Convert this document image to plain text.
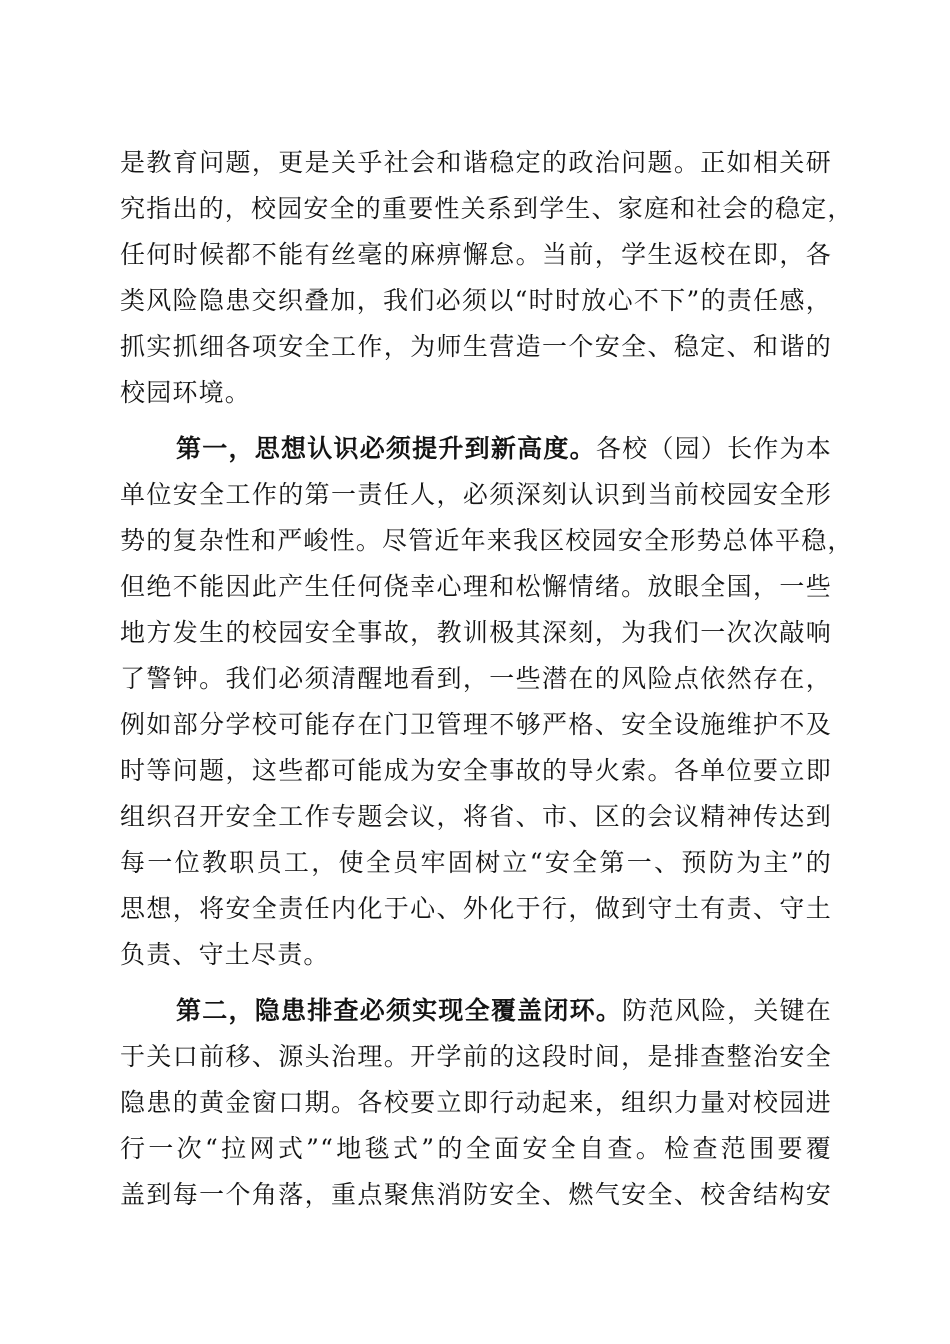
是教育问题，更是关乎社会和谐稳定的政治问题。正如相关研
究指出的，校园安全的重要性关系到学生、家庭和社会的稳定，
任何时候都不能有丝毫的麻痹懈怠。当前，学生返校在即，各
类风险隐患交织叠加，我们必须以“时时放心不下”的责任感，
抓实抓细各项安全工作，为师生营造一个安全、稳定、和谐的
校园环境。
第一，思想认识必须提升到新高度。各校（园）长作为本
单位安全工作的第一责任人，必须深刻认识到当前校园安全形
势的复杂性和严峻性。尽管近年来我区校园安全形势总体平稳，
但绝不能因此产生任何侥幸心理和松懈情绪。放眼全国，一些
地方发生的校园安全事故，教训极其深刻，为我们一次次敲响
了警钟。我们必须清醒地看到，一些潜在的风险点依然存在，
例如部分学校可能存在门卫管理不够严格、安全设施维护不及
时等问题，这些都可能成为安全事故的导火索。各单位要立即
组织召开安全工作专题会议，将省、市、区的会议精神传达到
每一位教职员工，使全员牢固树立“安全第一、预防为主”的
思想，将安全责任内化于心、外化于行，做到守土有责、守土
负责、守土尽责。
第二，隐患排查必须实现全覆盖闭环。防范风险，关键在
于关口前移、源头治理。开学前的这段时间，是排查整治安全
隐患的黄金窗口期。各校要立即行动起来，组织力量对校园进
行一次“拉网式”“地毯式”的全面安全自查。检查范围要覆
盖到每一个角落，重点聚焦消防安全、燃气安全、校舍结构安
